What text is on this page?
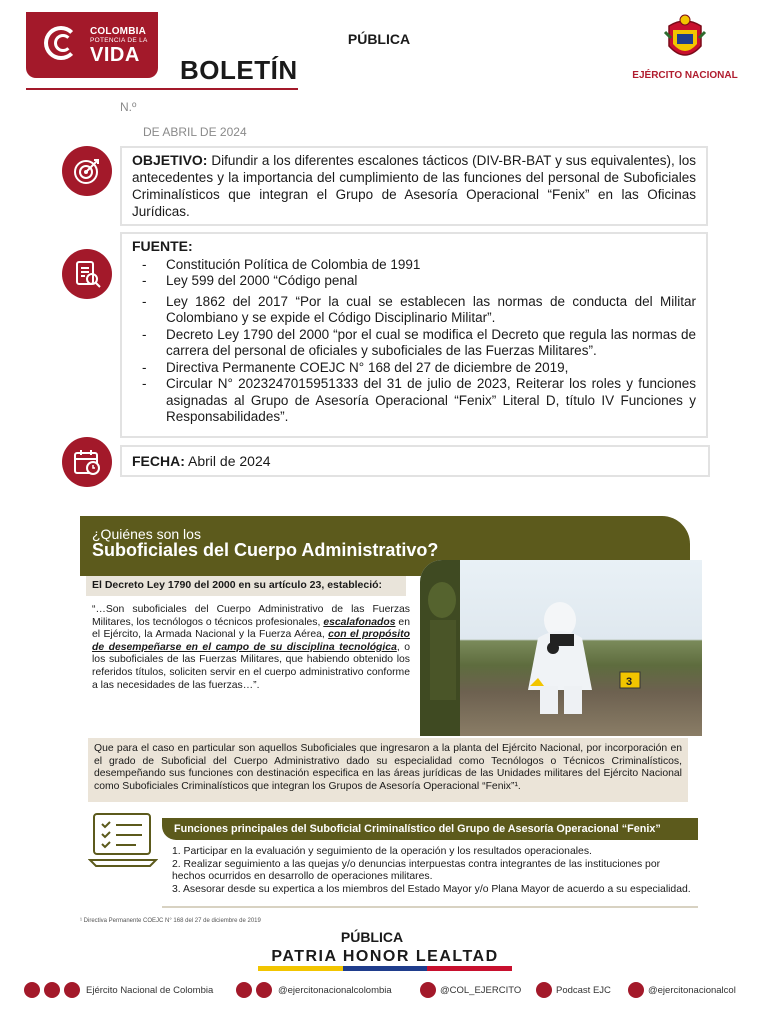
COLOMBIA
POTENCIA DE LA
VIDA
PÚBLICA
BOLETÍN	EJÉRCITO NACIONAL
N.º
DE ABRIL DE 2024
OBJETIVO: Difundir a los diferentes escalones tácticos (DIV-BR-BAT y sus equivalentes), los antecedentes y la importancia del cumplimiento de las funciones del personal de Suboficiales Criminalísticos que integran el Grupo de Asesoría Operacional “Fenix” en las Oficinas Jurídicas.
FUENTE:
- Constitución Política de Colombia de 1991
- Ley 599 del 2000 “Código penal
- Ley 1862 del 2017 “Por la cual se establecen las normas de conducta del Militar Colombiano y se expide el Código Disciplinario Militar”.
- Decreto Ley 1790 del 2000 “por el cual se modifica el Decreto que regula las normas de carrera del personal de oficiales y suboficiales de las Fuerzas Militares”.
- Directiva Permanente COEJC N° 168 del 27 de diciembre de 2019,
- Circular N° 2023247015951333 del 31 de julio de 2023, Reiterar los roles y funciones asignadas al Grupo de Asesoría Operacional “Fenix” Literal D, título IV Funciones y Responsabilidades”.
FECHA: Abril de 2024
¿Quiénes son los
Suboficiales del Cuerpo Administrativo?
El Decreto Ley 1790 del 2000 en su artículo 23, estableció:
“…Son suboficiales del Cuerpo Administrativo de las Fuerzas Militares, los tecnólogos o técnicos profesionales, escalafonados en el Ejército, la Armada Nacional y la Fuerza Aérea, con el propósito de desempeñarse en el campo de su disciplina tecnológica, o los suboficiales de las Fuerzas Militares, que habiendo obtenido los referidos títulos, soliciten servir en el cuerpo administrativo conforme a las necesidades de las fuerzas…”.	3
Que para el caso en particular son aquellos Suboficiales que ingresaron a la planta del Ejército Nacional, por incorporación en el grado de Suboficial del Cuerpo Administrativo dado su especialidad como Tecnólogos o Técnicos Criminalísticos, desempeñando sus funciones con destinación especifica en las áreas jurídicas de las Unidades militares del Ejército Nacional como Suboficiales Criminalísticos que integran los Grupos de Asesoría Operacional “Fenix”¹.
Funciones principales del Suboficial Criminalístico del Grupo de Asesoría Operacional “Fenix”
1. Participar en la evaluación y seguimiento de la operación y los resultados operacionales.
2. Realizar seguimiento a las quejas y/o denuncias interpuestas contra integrantes de las instituciones por hechos ocurridos en desarrollo de operaciones militares.
3. Asesorar desde su expertica a los miembros del Estado Mayor y/o Plana Mayor de acuerdo a su especialidad.
¹ Directiva Permanente COEJC N° 168 del 27 de diciembre de 2019
PÚBLICA
PATRIA HONOR LEALTAD
Ejército Nacional de Colombia	@ejercitonacionalcolombia	@COL_EJERCITO	Podcast EJC	@ejercitonacionalcol
